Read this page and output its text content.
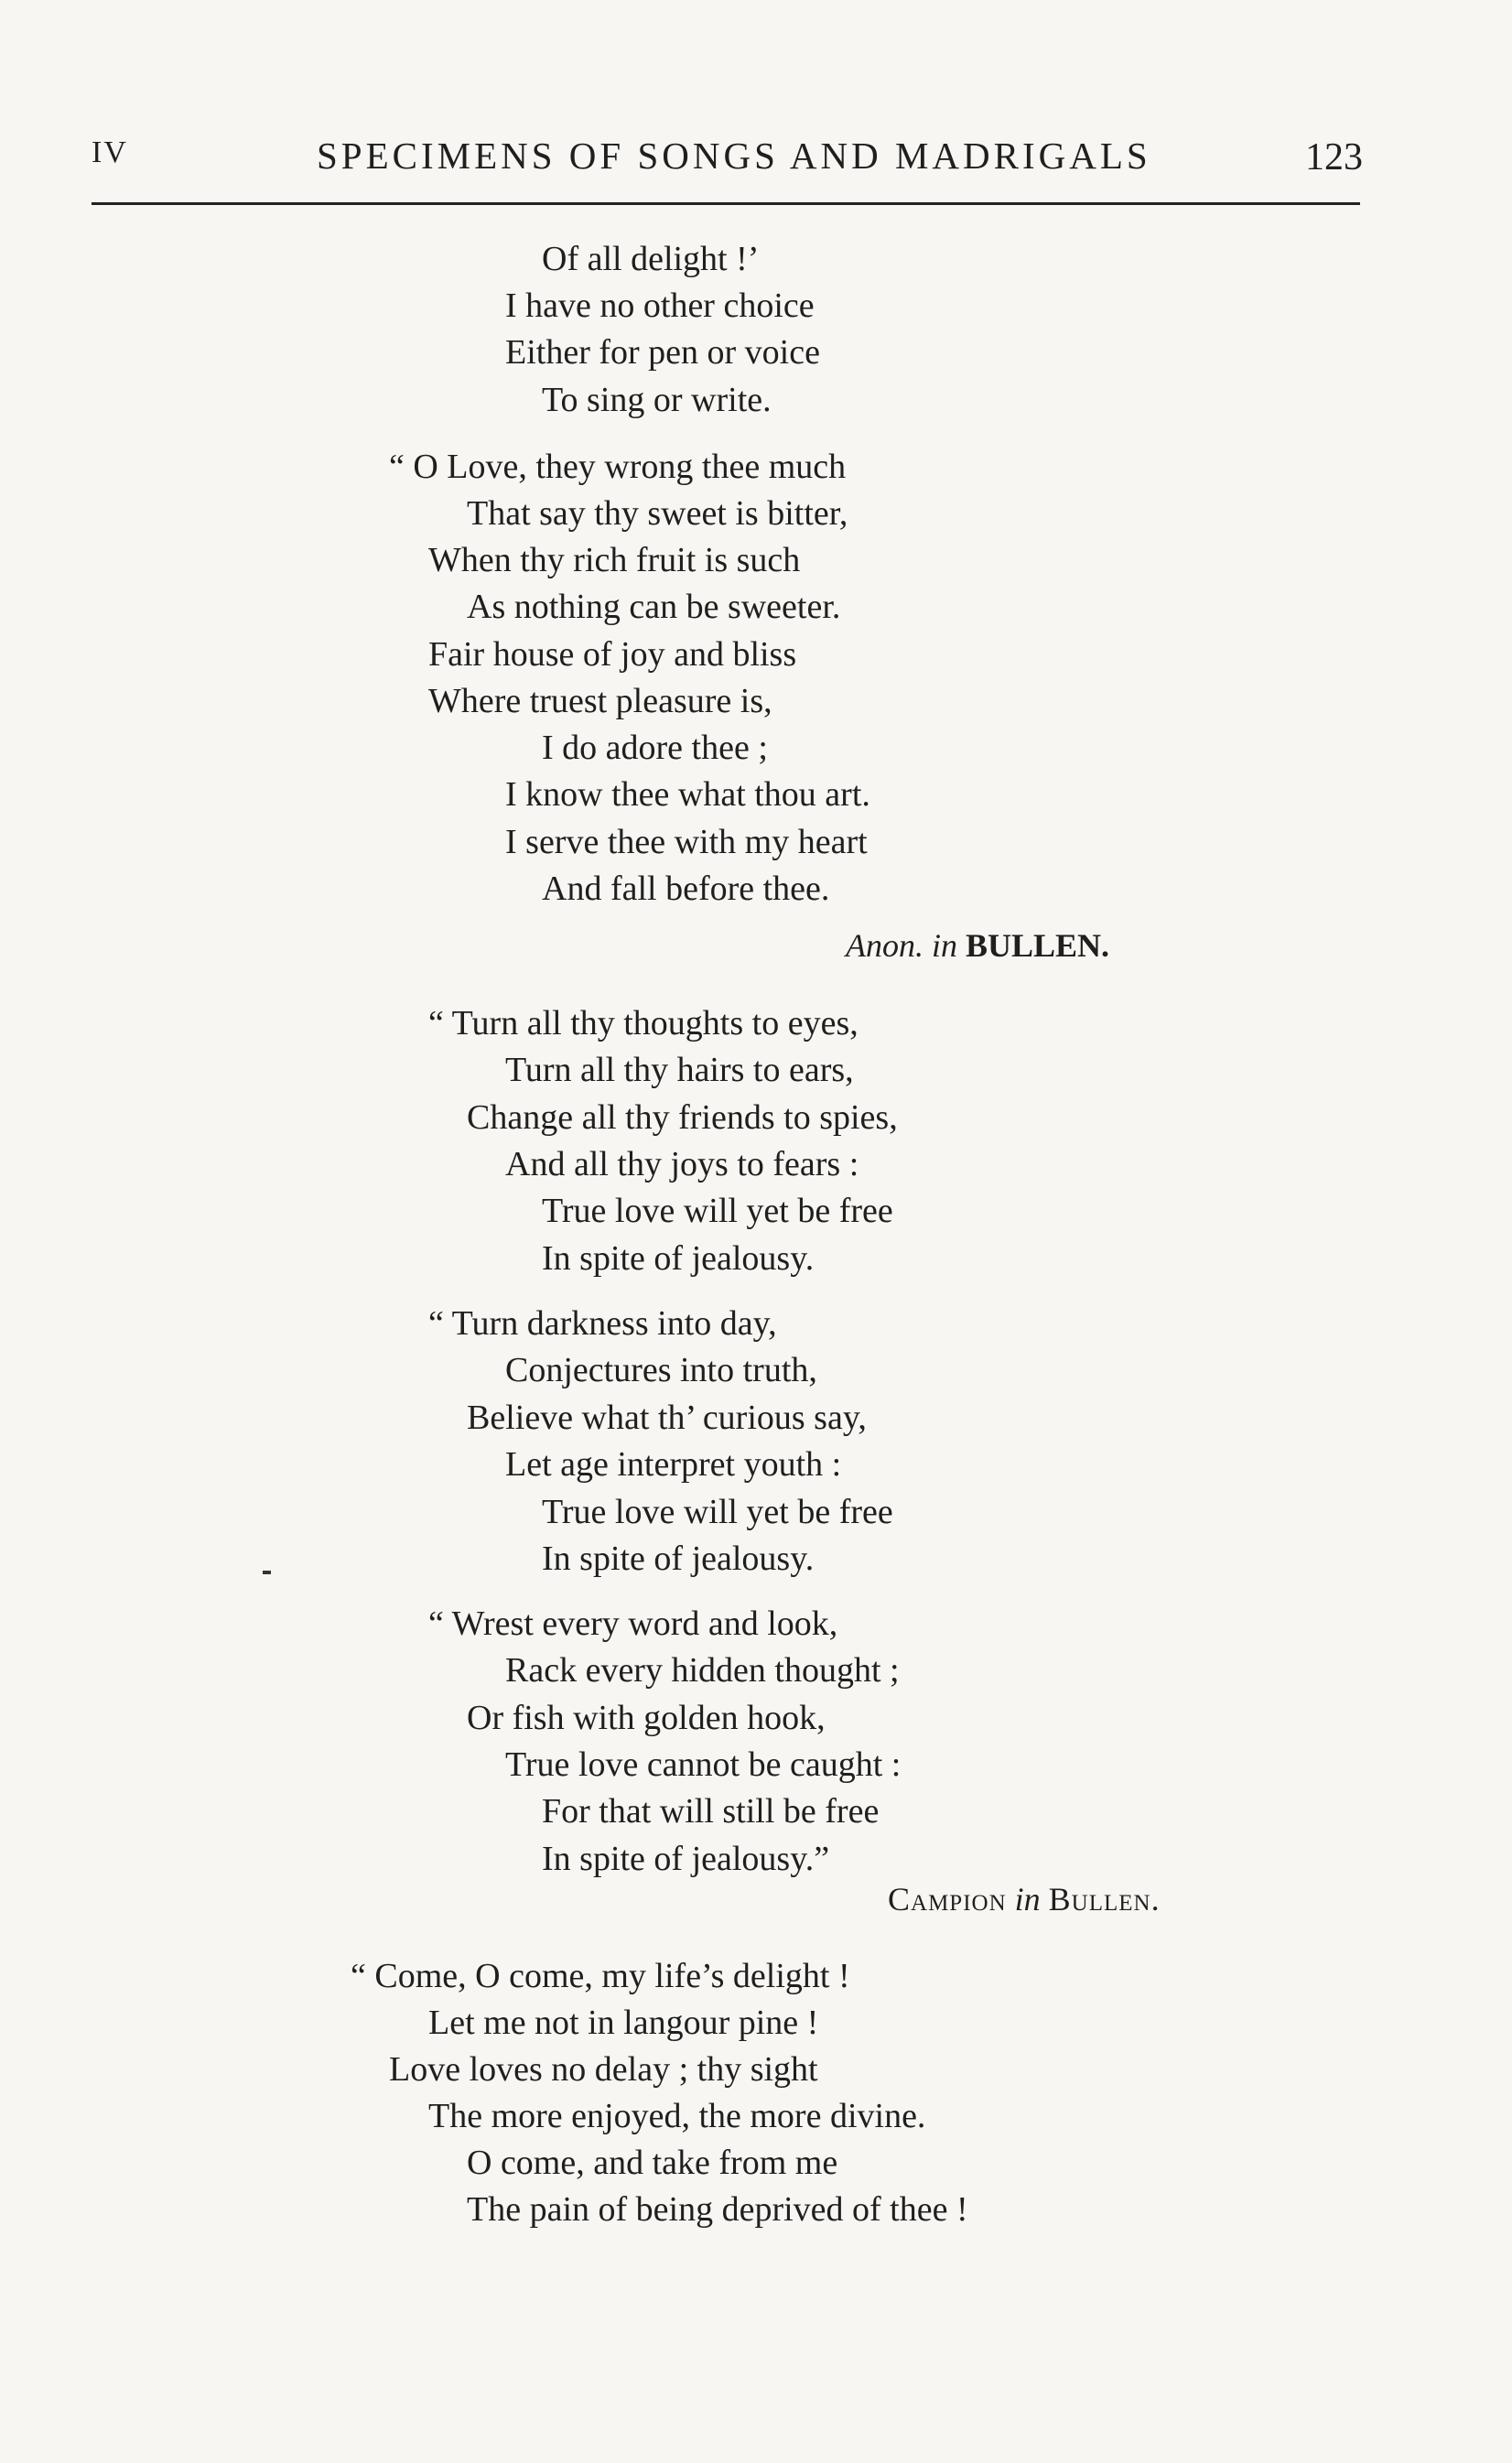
IV	SPECIMENS OF SONGS AND MADRIGALS	123
Of all delight !’
I have no other choice
Either for pen or voice
To sing or write.
“ O Love, they wrong thee much
That say thy sweet is bitter,
When thy rich fruit is such
As nothing can be sweeter.
Fair house of joy and bliss
Where truest pleasure is,
I do adore thee ;
I know thee what thou art.
I serve thee with my heart
And fall before thee.
Anon. in BULLEN.
“ Turn all thy thoughts to eyes,
Turn all thy hairs to ears,
Change all thy friends to spies,
And all thy joys to fears :
True love will yet be free
In spite of jealousy.
“ Turn darkness into day,
Conjectures into truth,
Believe what th’ curious say,
Let age interpret youth :
True love will yet be free
In spite of jealousy.
“ Wrest every word and look,
Rack every hidden thought ;
Or fish with golden hook,
True love cannot be caught :
For that will still be free
In spite of jealousy.”
Campion in Bullen.
“ Come, O come, my life’s delight !
Let me not in langour pine !
Love loves no delay ; thy sight
The more enjoyed, the more divine.
O come, and take from me
The pain of being deprived of thee !
